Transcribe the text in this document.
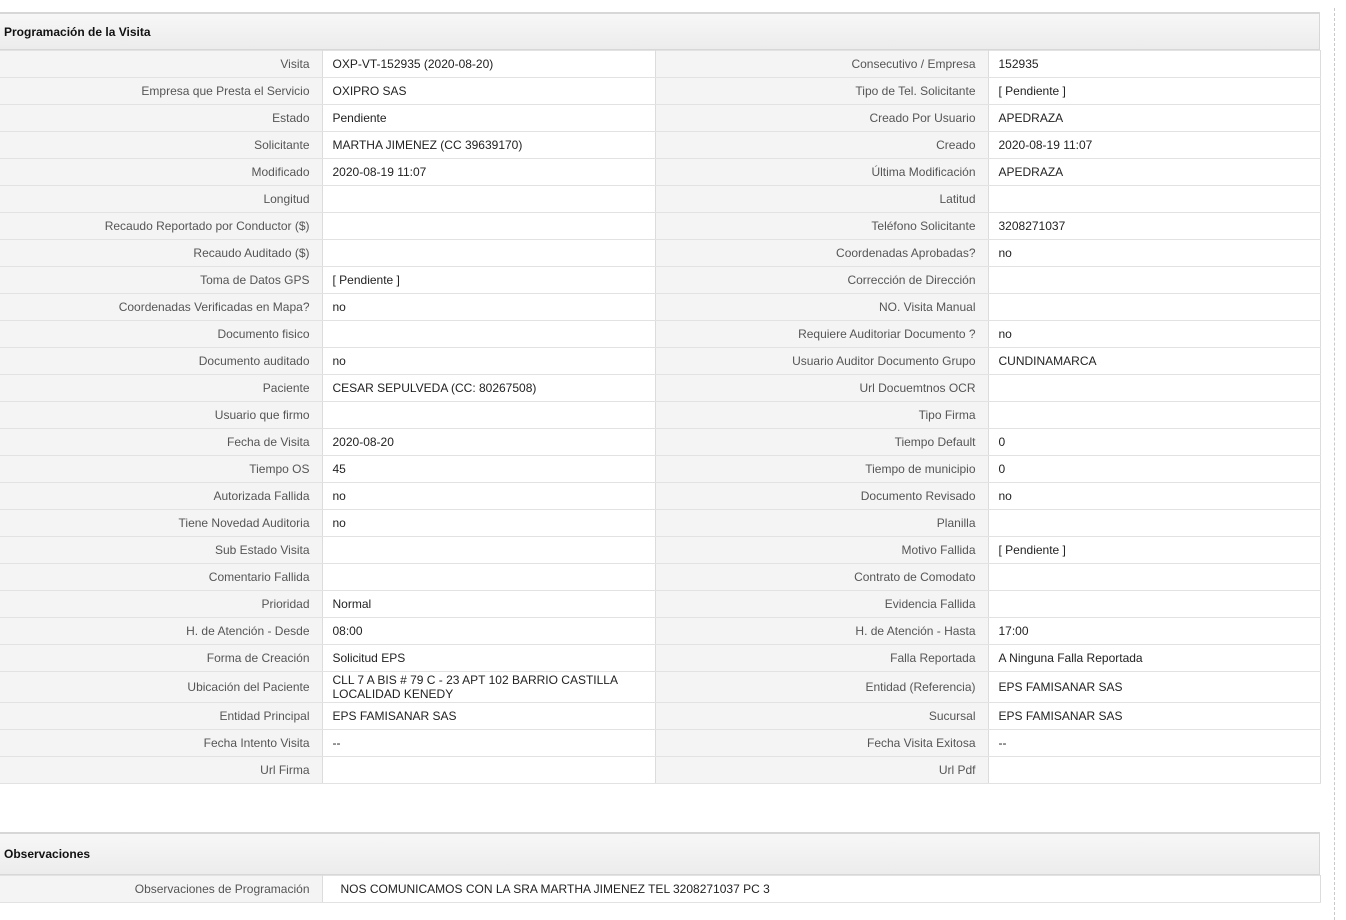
Programación de la Visita
Visita	OXP-VT-152935 (2020-08-20)	Consecutivo / Empresa	152935
Empresa que Presta el Servicio	OXIPRO SAS	Tipo de Tel. Solicitante	[ Pendiente ]
Estado	Pendiente	Creado Por Usuario	APEDRAZA
Solicitante	MARTHA JIMENEZ (CC 39639170)	Creado	2020-08-19 11:07
Modificado	2020-08-19 11:07	Última Modificación	APEDRAZA
Longitud		Latitud	
Recaudo Reportado por Conductor ($)		Teléfono Solicitante	3208271037
Recaudo Auditado ($)		Coordenadas Aprobadas?	no
Toma de Datos GPS	[ Pendiente ]	Corrección de Dirección	
Coordenadas Verificadas en Mapa?	no	NO. Visita Manual	
Documento fisico		Requiere Auditoriar Documento ?	no
Documento auditado	no	Usuario Auditor Documento Grupo	CUNDINAMARCA
Paciente	CESAR SEPULVEDA (CC: 80267508)	Url Docuemtnos OCR	
Usuario que firmo		Tipo Firma	
Fecha de Visita	2020-08-20	Tiempo Default	0
Tiempo OS	45	Tiempo de municipio	0
Autorizada Fallida	no	Documento Revisado	no
Tiene Novedad Auditoria	no	Planilla	
Sub Estado Visita		Motivo Fallida	[ Pendiente ]
Comentario Fallida		Contrato de Comodato	
Prioridad	Normal	Evidencia Fallida	
H. de Atención - Desde	08:00	H. de Atención - Hasta	17:00
Forma de Creación	Solicitud EPS	Falla Reportada	A Ninguna Falla Reportada
Ubicación del Paciente	CLL 7 A BIS # 79 C - 23 APT 102 BARRIO CASTILLA LOCALIDAD KENEDY	Entidad (Referencia)	EPS FAMISANAR SAS
Entidad Principal	EPS FAMISANAR SAS	Sucursal	EPS FAMISANAR SAS
Fecha Intento Visita	--	Fecha Visita Exitosa	--
Url Firma		Url Pdf	
Observaciones
Observaciones de Programación	NOS COMUNICAMOS CON LA SRA MARTHA JIMENEZ TEL 3208271037 PC 3
